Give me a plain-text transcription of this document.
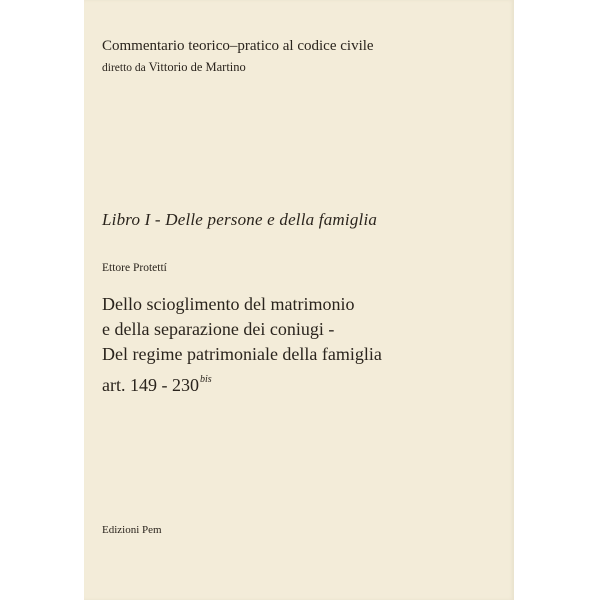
Commentario teorico–pratico al codice civile

diretto da Vittorio de Martino

Libro I - Delle persone e della famiglia

Ettore Protettí

Dello scioglimento del matrimonio
e della separazione dei coniugi -
Del regime patrimoniale della famiglia

art. $149 - 230^{bis}$

Edizioni Pem
